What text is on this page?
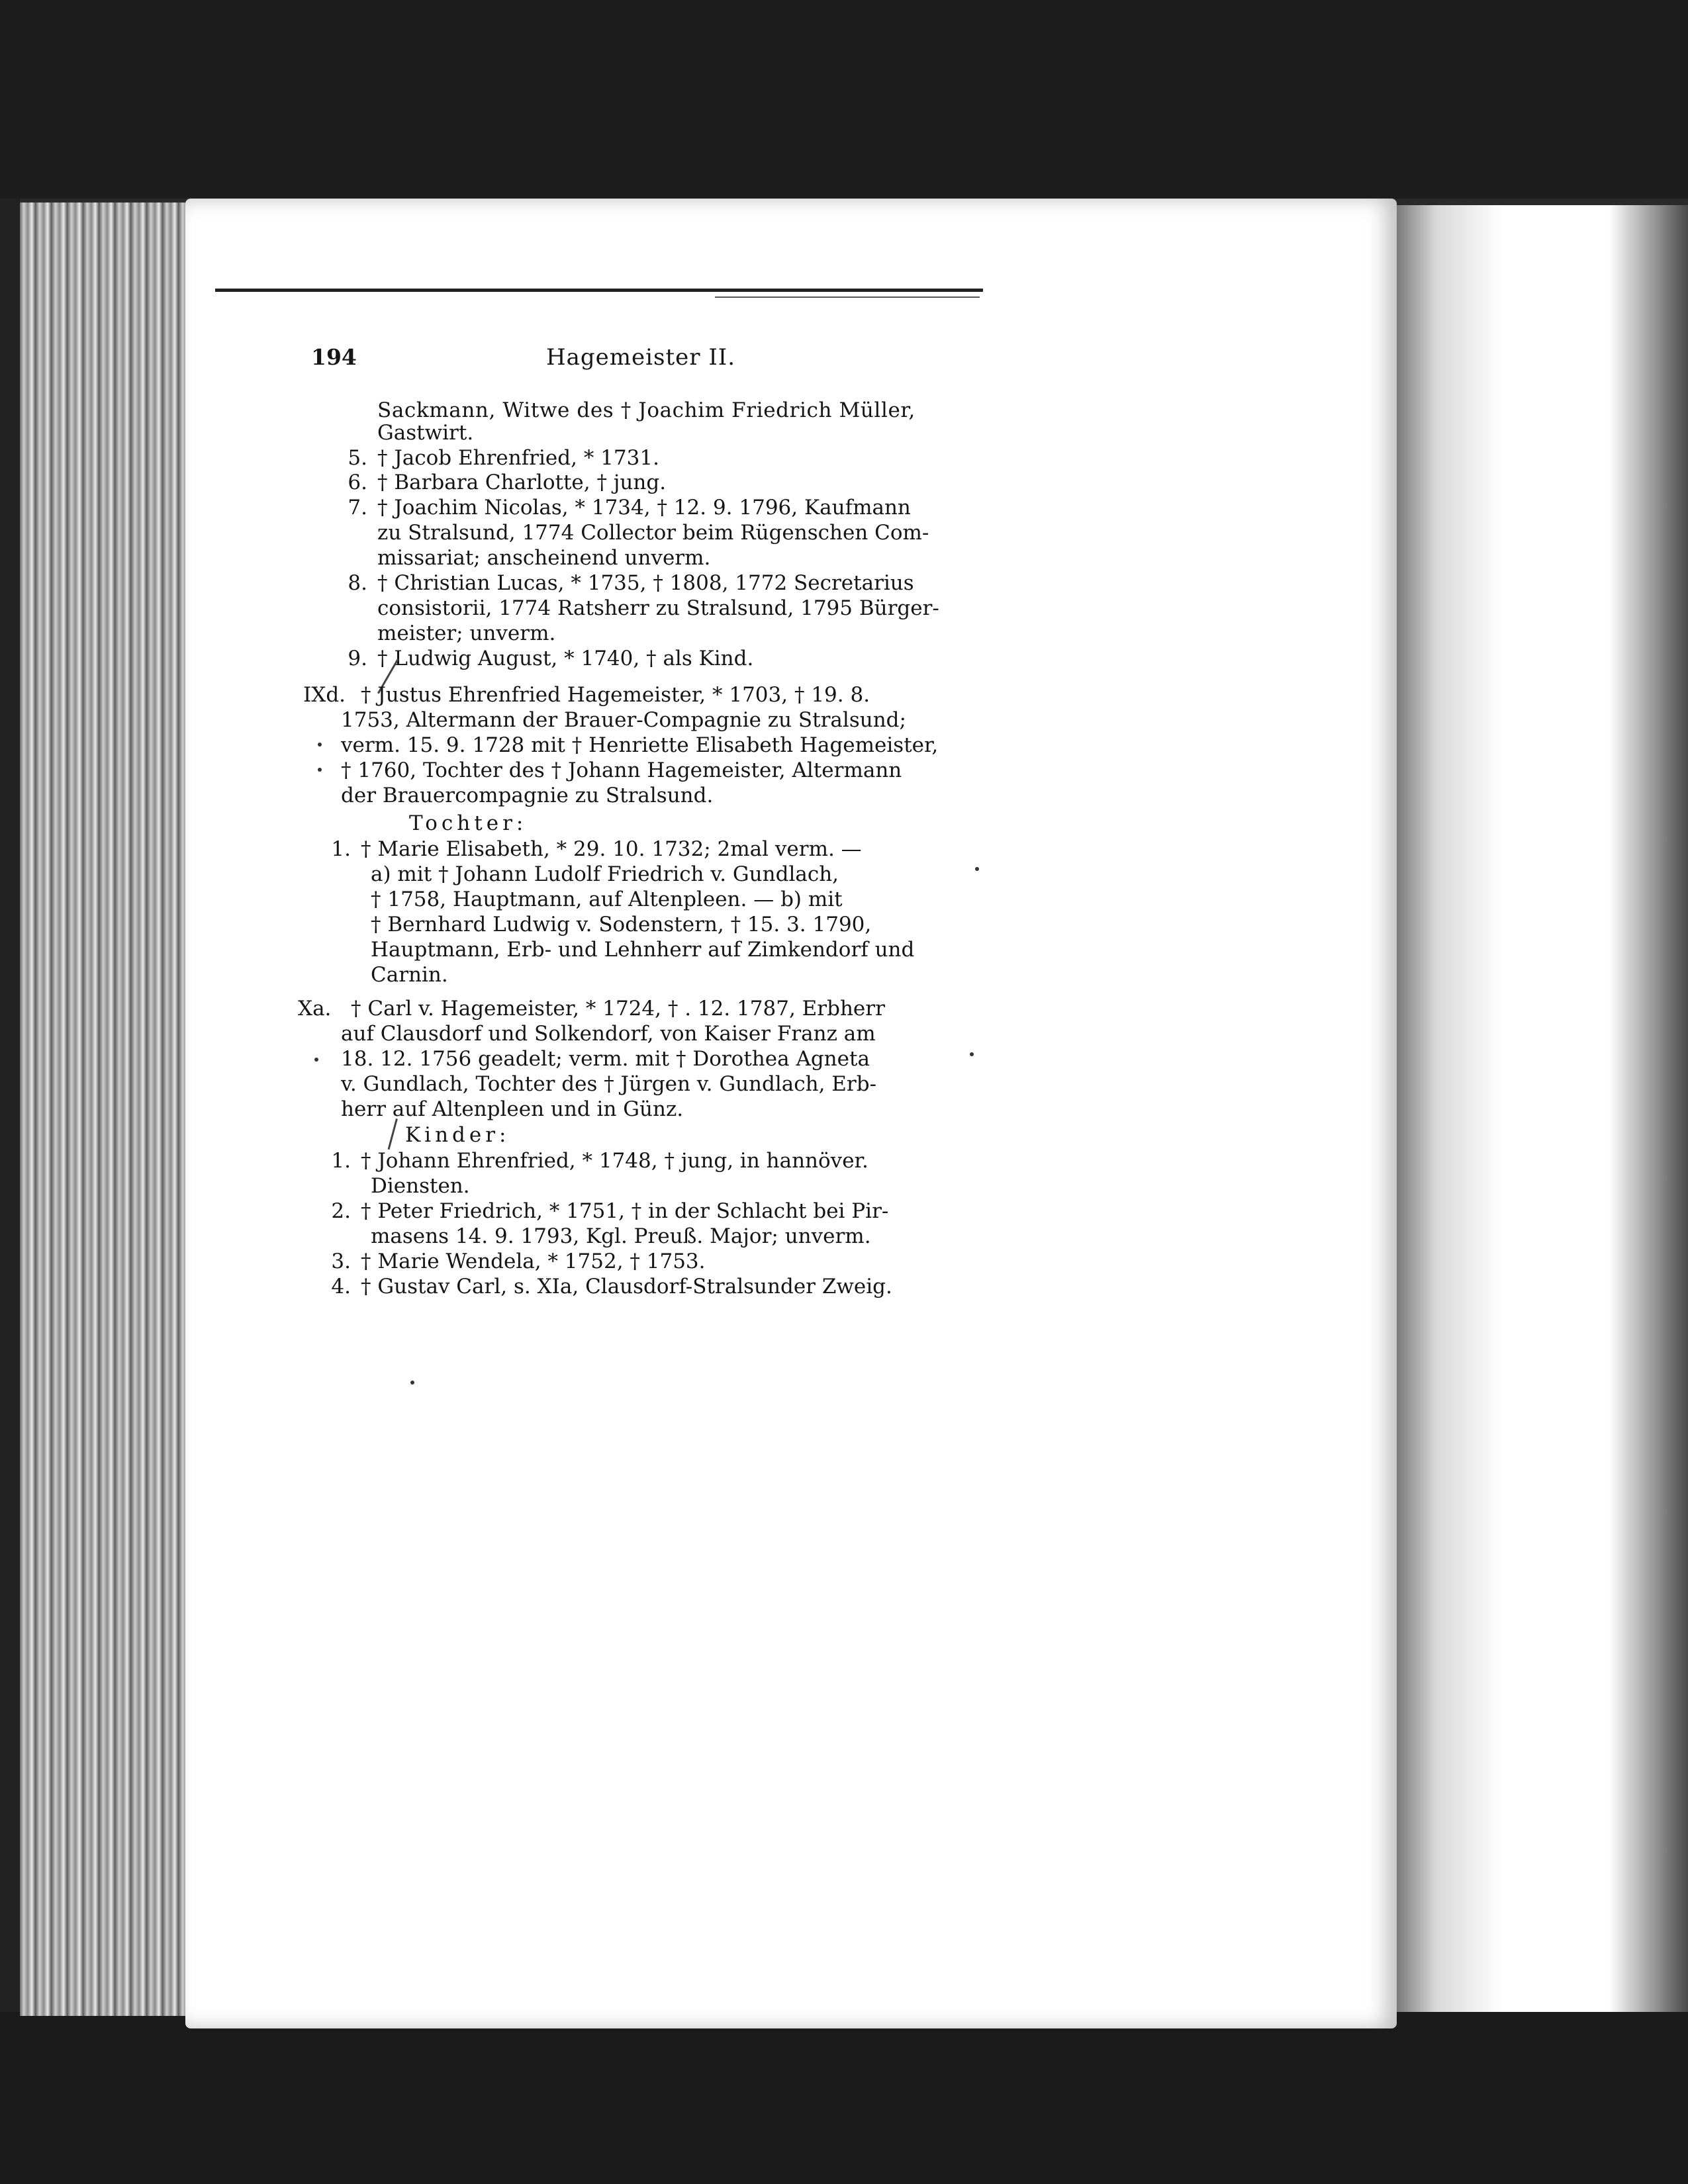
194	Hagemeister II.
Sackmann, Witwe des † Joachim Friedrich Müller,
Gastwirt.
5. † Jacob Ehrenfried, * 1731.
6. † Barbara Charlotte, † jung.
7. † Joachim Nicolas, * 1734, † 12. 9. 1796, Kaufmann
zu Stralsund, 1774 Collector beim Rügenschen Com-
missariat; anscheinend unverm.
8. † Christian Lucas, * 1735, † 1808, 1772 Secretarius
consistorii, 1774 Ratsherr zu Stralsund, 1795 Bürger-
meister; unverm.
9. † Ludwig August, * 1740, † als Kind.
IXd. † Justus Ehrenfried Hagemeister, * 1703, † 19. 8.
1753, Altermann der Brauer-Compagnie zu Stralsund;
verm. 15. 9. 1728 mit † Henriette Elisabeth Hagemeister,
† 1760, Tochter des † Johann Hagemeister, Altermann
der Brauercompagnie zu Stralsund.
Tochter:
1. † Marie Elisabeth, * 29. 10. 1732; 2mal verm. —
a) mit † Johann Ludolf Friedrich v. Gundlach,
† 1758, Hauptmann, auf Altenpleen. — b) mit
† Bernhard Ludwig v. Sodenstern, † 15. 3. 1790,
Hauptmann, Erb- und Lehnherr auf Zimkendorf und
Carnin.
Xa. † Carl v. Hagemeister, * 1724, † . 12. 1787, Erbherr
auf Clausdorf und Solkendorf, von Kaiser Franz am
18. 12. 1756 geadelt; verm. mit † Dorothea Agneta
v. Gundlach, Tochter des † Jürgen v. Gundlach, Erb-
herr auf Altenpleen und in Günz.
Kinder:
1. † Johann Ehrenfried, * 1748, † jung, in hannöver.
Diensten.
2. † Peter Friedrich, * 1751, † in der Schlacht bei Pir-
masens 14. 9. 1793, Kgl. Preuß. Major; unverm.
3. † Marie Wendela, * 1752, † 1753.
4. † Gustav Carl, s. XIa, Clausdorf-Stralsunder Zweig.
